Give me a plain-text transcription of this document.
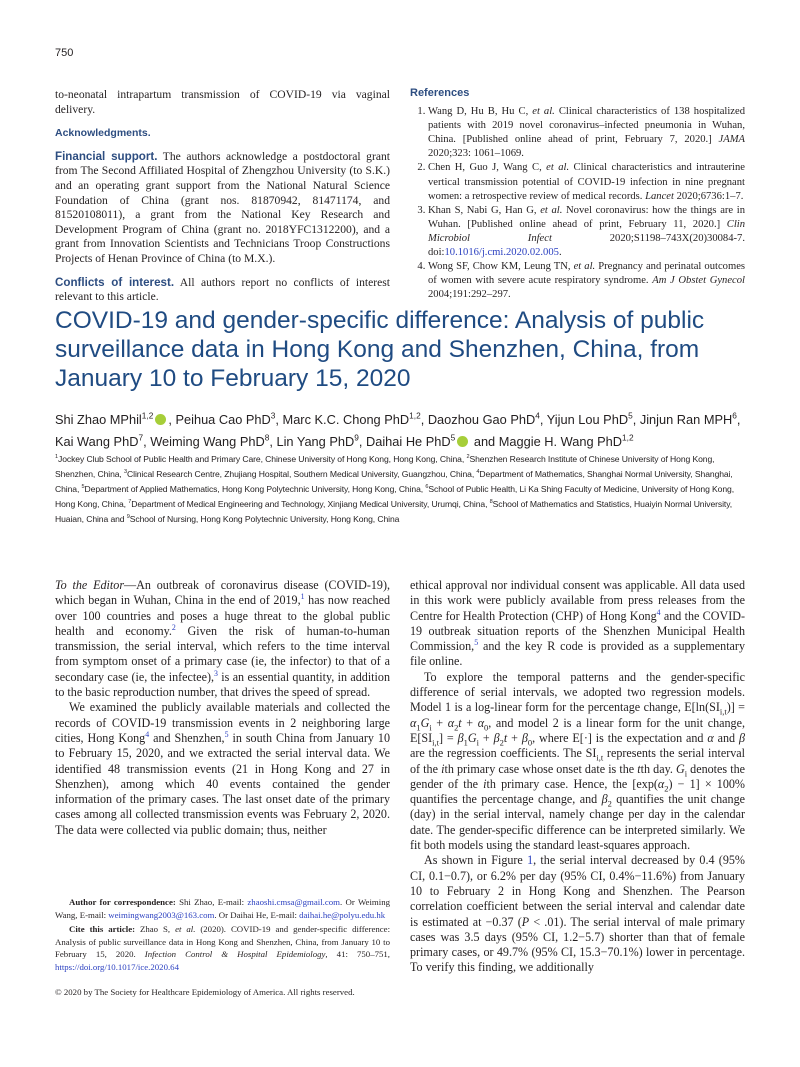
750
to-neonatal intrapartum transmission of COVID-19 via vaginal delivery.
Acknowledgments.
Financial support. The authors acknowledge a postdoctoral grant from The Second Affiliated Hospital of Zhengzhou University (to S.K.) and an operating grant support from the National Natural Science Foundation of China (grant nos. 81870942, 81471174, and 81520108011), a grant from the National Key Research and Development Program of China (grant no. 2018YFC1312200), and a grant from Innovation Scientists and Technicians Troop Constructions Projects of Henan Province of China (to M.X.).
Conflicts of interest. All authors report no conflicts of interest relevant to this article.
References
1. Wang D, Hu B, Hu C, et al. Clinical characteristics of 138 hospitalized patients with 2019 novel coronavirus–infected pneumonia in Wuhan, China. [Published online ahead of print, February 7, 2020.] JAMA 2020;323: 1061–1069.
2. Chen H, Guo J, Wang C, et al. Clinical characteristics and intrauterine vertical transmission potential of COVID-19 infection in nine pregnant women: a retrospective review of medical records. Lancet 2020;6736:1–7.
3. Khan S, Nabi G, Han G, et al. Novel coronavirus: how the things are in Wuhan. [Published online ahead of print, February 11, 2020.] Clin Microbiol Infect 2020;S1198–743X(20)30084-7. doi:10.1016/j.cmi.2020.02.005.
4. Wong SF, Chow KM, Leung TN, et al. Pregnancy and perinatal outcomes of women with severe acute respiratory syndrome. Am J Obstet Gynecol 2004;191:292–297.
COVID-19 and gender-specific difference: Analysis of public surveillance data in Hong Kong and Shenzhen, China, from January 10 to February 15, 2020
Shi Zhao MPhil$^{1,2}$ , Peihua Cao PhD$^3$, Marc K.C. Chong PhD$^{1,2}$, Daozhou Gao PhD$^4$, Yijun Lou PhD$^5$, Jinjun Ran MPH$^6$, Kai Wang PhD$^7$, Weiming Wang PhD$^8$, Lin Yang PhD$^9$, Daihai He PhD$^5$ and Maggie H. Wang PhD$^{1,2}$
$^1$Jockey Club School of Public Health and Primary Care, Chinese University of Hong Kong, Hong Kong, China, $^2$Shenzhen Research Institute of Chinese University of Hong Kong, Shenzhen, China, $^3$Clinical Research Centre, Zhujiang Hospital, Southern Medical University, Guangzhou, China, $^4$Department of Mathematics, Shanghai Normal University, Shanghai, China, $^5$Department of Applied Mathematics, Hong Kong Polytechnic University, Hong Kong, China, $^6$School of Public Health, Li Ka Shing Faculty of Medicine, University of Hong Kong, Hong Kong, China, $^7$Department of Medical Engineering and Technology, Xinjiang Medical University, Urumqi, China, $^8$School of Mathematics and Statistics, Huaiyin Normal University, Huaian, China and $^9$School of Nursing, Hong Kong Polytechnic University, Hong Kong, China

To the Editor—An outbreak of coronavirus disease (COVID-19), which began in Wuhan, China in the end of 2019,$^1$ has now reached over 100 countries and poses a huge threat to the global public health and economy.$^2$ Given the risk of human-to-human transmission, the serial interval, which refers to the time interval from symptom onset of a primary case (ie, the infector) to that of a secondary case (ie, the infectee),$^3$ is an essential quantity, in addition to the basic reproduction number, that drives the speed of spread.

We examined the publicly available materials and collected the records of COVID-19 transmission events in 2 neighboring large cities, Hong Kong$^4$ and Shenzhen,$^5$ in south China from January 10 to February 15, 2020, and we extracted the serial interval data. We identified 48 transmission events (21 in Hong Kong and 27 in Shenzhen), among which 40 events contained the gender information of the primary cases. The last onset date of the primary cases among all collected transmission events was February 2, 2020. The data were collected via public domain; thus, neither

ethical approval nor individual consent was applicable. All data used in this work were publicly available from press releases from the Centre for Health Protection (CHP) of Hong Kong$^4$ and the COVID-19 outbreak situation reports of the Shenzhen Municipal Health Commission,$^5$ and the key R code is provided as a supplementary file online.

To explore the temporal patterns and the gender-specific difference of serial intervals, we adopted two regression models. Model 1 is a log-linear form for the percentage change, $E[\ln(SI_{i,t})] = \alpha_1G_i + \alpha_2t + \alpha_0$, and model 2 is a linear form for the unit change, $E[SI_{i,t}] = \beta_1G_i + \beta_2t + \beta_0$, where E[·] is the expectation and α and β are the regression coefficients. The $SI_{i,t}$ represents the serial interval of the ith primary case whose onset date is the tth day. $G_i$ denotes the gender of the ith primary case. Hence, the $[\exp(\alpha_2) - 1] \times 100\%$ quantifies the percentage change, and $\beta_2$ quantifies the unit change (day) in the serial interval, namely change per day in the calendar date. The gender-specific difference can be interpreted similarly. We fit both models using the standard least-squares approach.

As shown in Figure 1, the serial interval decreased by 0.4 (95% CI, 0.1−0.7), or 6.2% per day (95% CI, 0.4%−11.6%) from January 10 to February 2 in Hong Kong and Shenzhen. The Pearson correlation coefficient between the serial interval and calendar date is estimated at −0.37 (P < .01). The serial interval of male primary cases was 3.5 days (95% CI, 1.2−5.7) shorter than that of female primary cases, or 49.7% (95% CI, 15.3−70.1%) lower in percentage. To verify this finding, we additionally

Author for correspondence: Shi Zhao, E-mail: zhaoshi.cmsa@gmail.com. Or Weiming Wang, E-mail: weimingwang2003@163.com. Or Daihai He, E-mail: daihai.he@polyu.edu.hk

Cite this article: Zhao S, et al. (2020). COVID-19 and gender-specific difference: Analysis of public surveillance data in Hong Kong and Shenzhen, China, from January 10 to February 15, 2020. Infection Control & Hospital Epidemiology, 41: 750–751, https://doi.org/10.1017/ice.2020.64

© 2020 by The Society for Healthcare Epidemiology of America. All rights reserved.
